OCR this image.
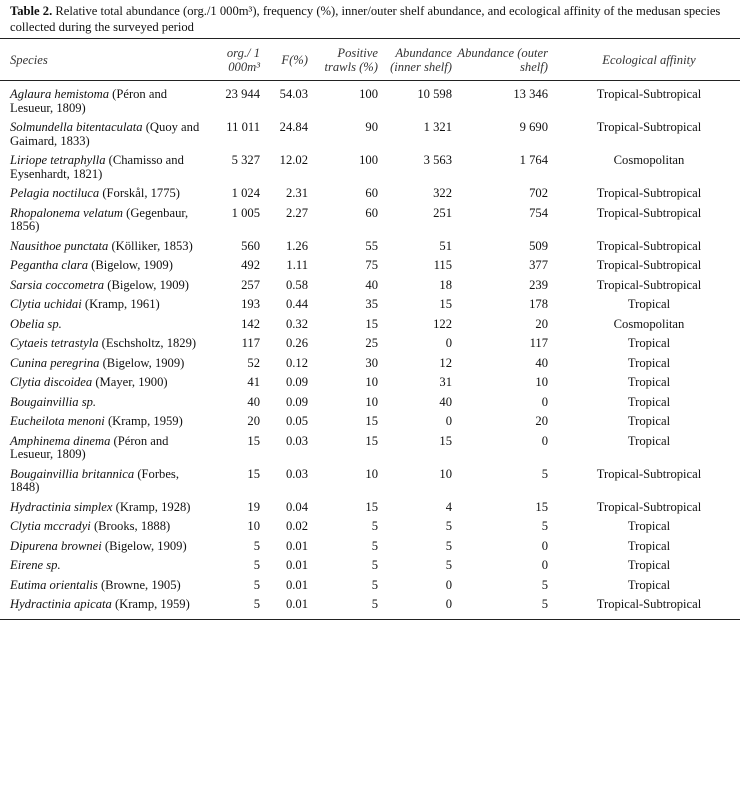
Table 2. Relative total abundance (org./1 000m³), frequency (%), inner/outer shelf abundance, and ecological affinity of the medusan species collected during the surveyed period
Species	org./ 1 000m³	F(%)	Positive trawls (%)	Abundance (inner shelf)	Abundance (outer shelf)	Ecological affinity
Aglaura hemistoma (Péron and Lesueur, 1809)	23 944	54.03	100	10 598	13 346	Tropical-Subtropical
Solmundella bitentaculata (Quoy and Gaimard, 1833)	11 011	24.84	90	1 321	9 690	Tropical-Subtropical
Liriope tetraphylla (Chamisso and Eysenhardt, 1821)	5 327	12.02	100	3 563	1 764	Cosmopolitan
Pelagia noctiluca (Forskål, 1775)	1 024	2.31	60	322	702	Tropical-Subtropical
Rhopalonema velatum (Gegenbaur, 1856)	1 005	2.27	60	251	754	Tropical-Subtropical
Nausithoe punctata (Kölliker, 1853)	560	1.26	55	51	509	Tropical-Subtropical
Pegantha clara (Bigelow, 1909)	492	1.11	75	115	377	Tropical-Subtropical
Sarsia coccometra (Bigelow, 1909)	257	0.58	40	18	239	Tropical-Subtropical
Clytia uchidai (Kramp, 1961)	193	0.44	35	15	178	Tropical
Obelia sp.	142	0.32	15	122	20	Cosmopolitan
Cytaeis tetrastyla (Eschsholtz, 1829)	117	0.26	25	0	117	Tropical
Cunina peregrina (Bigelow, 1909)	52	0.12	30	12	40	Tropical
Clytia discoidea (Mayer, 1900)	41	0.09	10	31	10	Tropical
Bougainvillia sp.	40	0.09	10	40	0	Tropical
Eucheilota menoni (Kramp, 1959)	20	0.05	15	0	20	Tropical
Amphinema dinema (Péron and Lesueur, 1809)	15	0.03	15	15	0	Tropical
Bougainvillia britannica (Forbes, 1848)	15	0.03	10	10	5	Tropical-Subtropical
Hydractinia simplex (Kramp, 1928)	19	0.04	15	4	15	Tropical-Subtropical
Clytia mccradyi (Brooks, 1888)	10	0.02	5	5	5	Tropical
Dipurena brownei (Bigelow, 1909)	5	0.01	5	5	0	Tropical
Eirene sp.	5	0.01	5	5	0	Tropical
Eutima orientalis (Browne, 1905)	5	0.01	5	0	5	Tropical
Hydractinia apicata (Kramp, 1959)	5	0.01	5	0	5	Tropical-Subtropical
